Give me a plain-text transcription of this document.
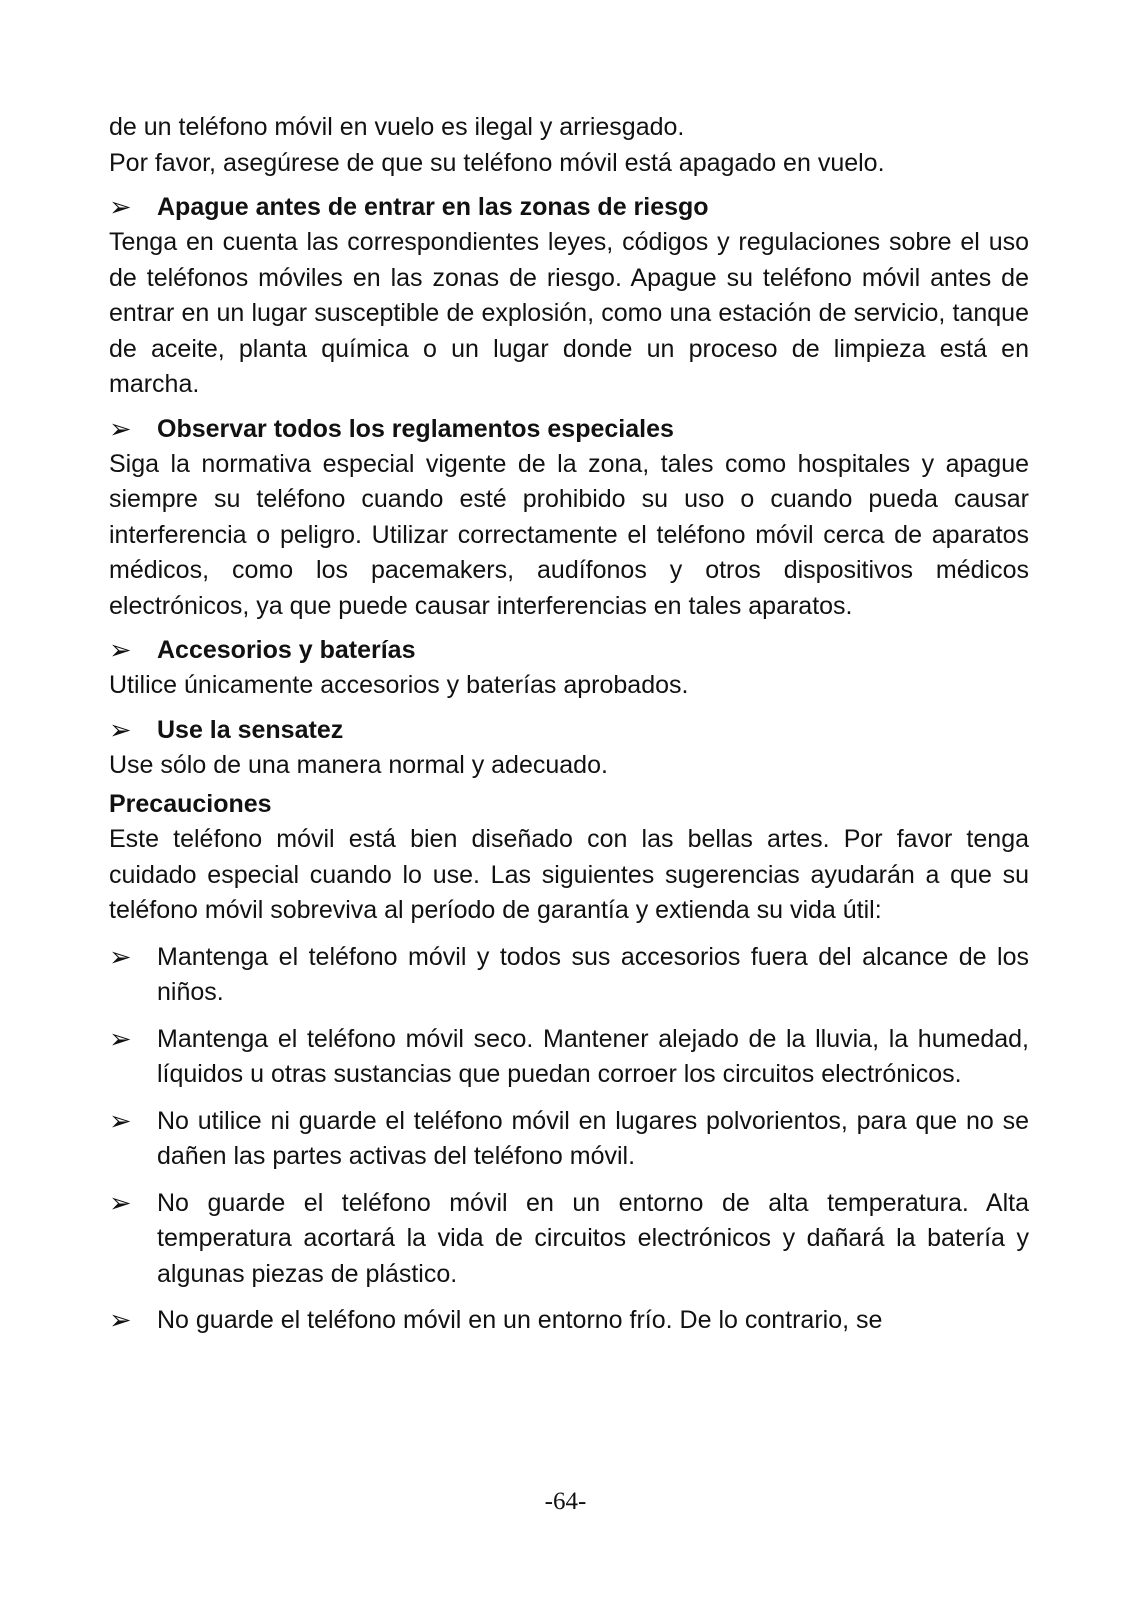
de un teléfono móvil en vuelo es ilegal y arriesgado.

Por favor, asegúrese de que su teléfono móvil está apagado en vuelo.

➢	Apague antes de entrar en las zonas de riesgo

Tenga en cuenta las correspondientes leyes, códigos y regulaciones sobre el uso de teléfonos móviles en las zonas de riesgo. Apague su teléfono móvil antes de entrar en un lugar susceptible de explosión, como una estación de servicio, tanque de aceite, planta química o un lugar donde un proceso de limpieza está en marcha.

➢	Observar todos los reglamentos especiales

Siga la normativa especial vigente de la zona, tales como hospitales y apague siempre su teléfono cuando esté prohibido su uso o cuando pueda causar interferencia o peligro. Utilizar correctamente el teléfono móvil cerca de aparatos médicos, como los pacemakers, audífonos y otros dispositivos médicos electrónicos, ya que puede causar interferencias en tales aparatos.

➢	Accesorios y baterías

Utilice únicamente accesorios y baterías aprobados.

➢	Use la sensatez

Use sólo de una manera normal y adecuado.

Precauciones

Este teléfono móvil está bien diseñado con las bellas artes. Por favor tenga cuidado especial cuando lo use. Las siguientes sugerencias ayudarán a que su teléfono móvil sobreviva al período de garantía y extienda su vida útil:

➢	Mantenga el teléfono móvil y todos sus accesorios fuera del alcance de los niños.

➢	Mantenga el teléfono móvil seco. Mantener alejado de la lluvia, la humedad, líquidos u otras sustancias que puedan corroer los circuitos electrónicos.

➢	No utilice ni guarde el teléfono móvil en lugares polvorientos, para que no se dañen las partes activas del teléfono móvil.

➢	No guarde el teléfono móvil en un entorno de alta temperatura. Alta temperatura acortará la vida de circuitos electrónicos y dañará la batería y algunas piezas de plástico.

➢	No guarde el teléfono móvil en un entorno frío. De lo contrario, se

-64-
